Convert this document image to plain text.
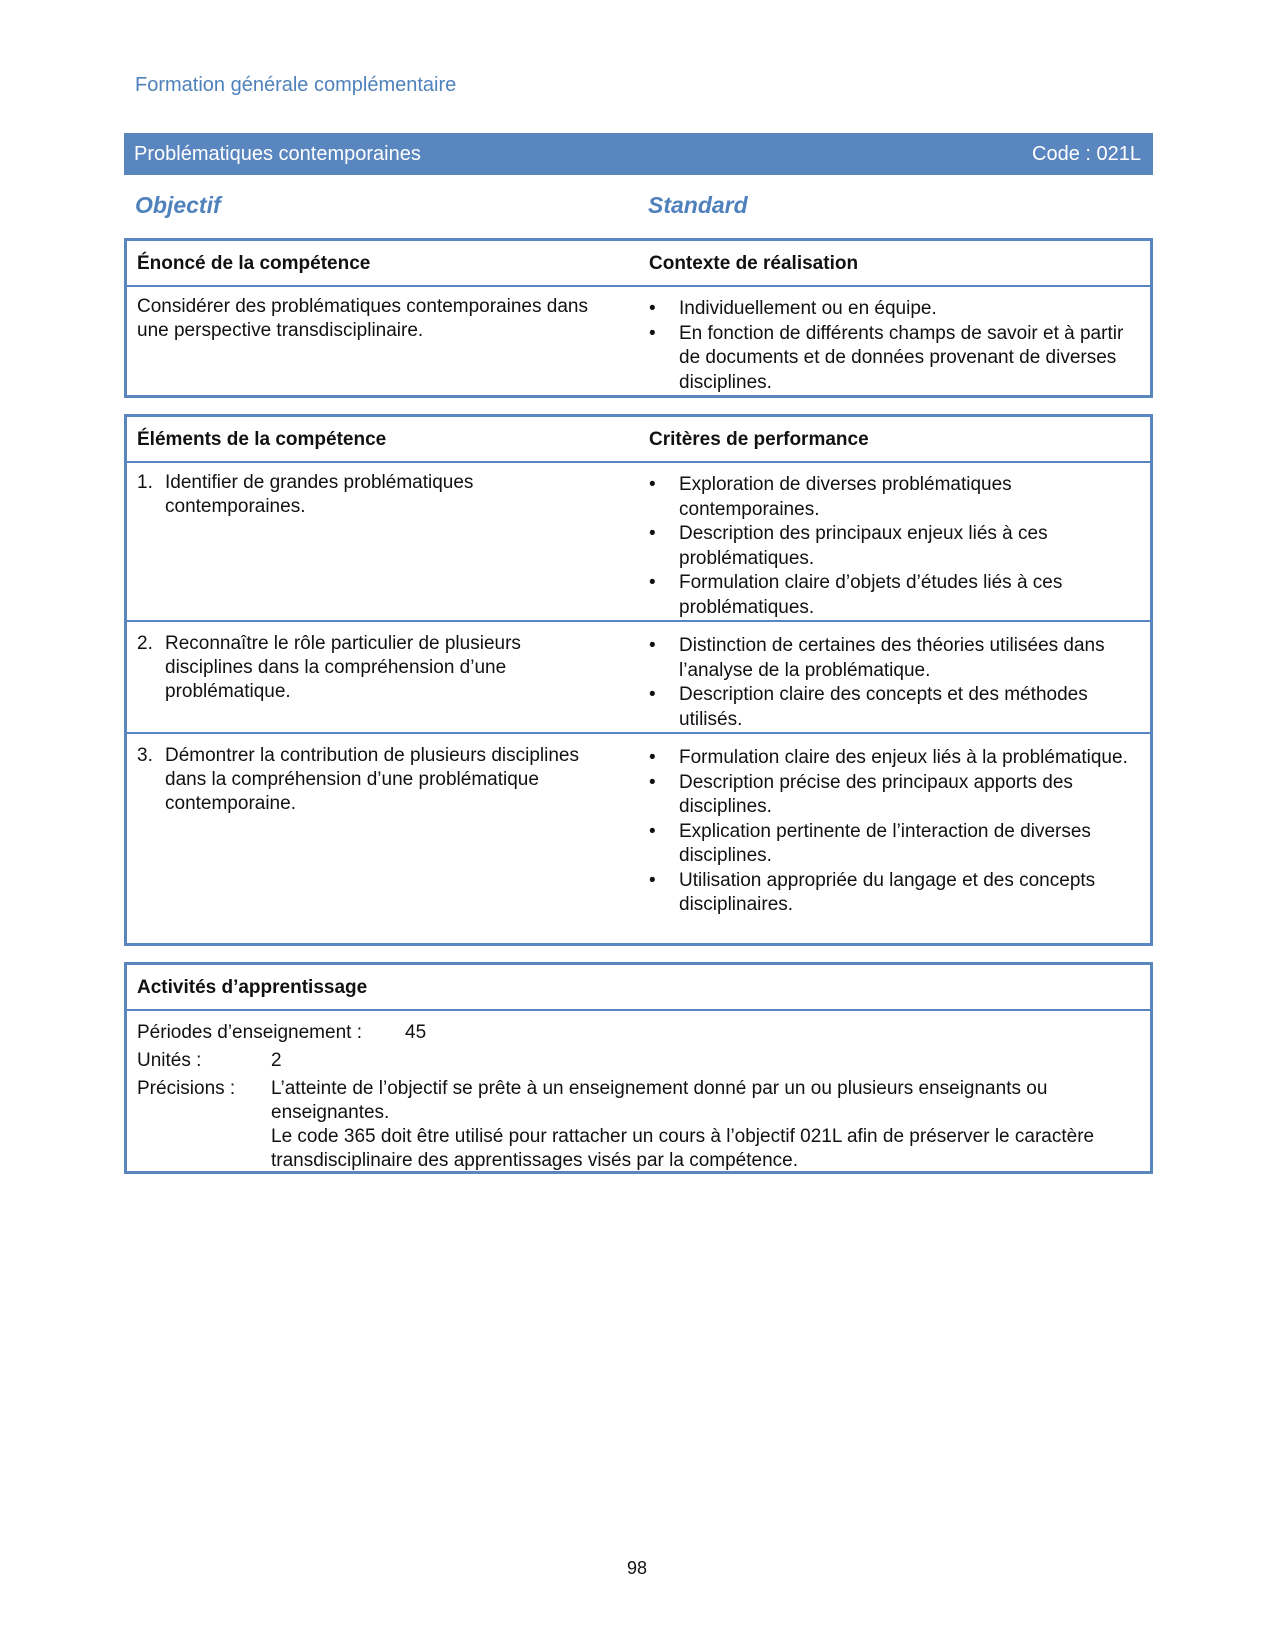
Formation générale complémentaire
Problématiques contemporaines	Code : 021L
Objectif	Standard
Énoncé de la compétence	Contexte de réalisation
Considérer des problématiques contemporaines dans une perspective transdisciplinaire.
•	Individuellement ou en équipe.
•	En fonction de différents champs de savoir et à partir de documents et de données provenant de diverses disciplines.
Éléments de la compétence	Critères de performance
1. Identifier de grandes problématiques contemporaines.
•	Exploration de diverses problématiques contemporaines.
•	Description des principaux enjeux liés à ces problématiques.
•	Formulation claire d’objets d’études liés à ces problématiques.
2. Reconnaître le rôle particulier de plusieurs disciplines dans la compréhension d’une problématique.
•	Distinction de certaines des théories utilisées dans l’analyse de la problématique.
•	Description claire des concepts et des méthodes utilisés.
3. Démontrer la contribution de plusieurs disciplines dans la compréhension d’une problématique contemporaine.
•	Formulation claire des enjeux liés à la problématique.
•	Description précise des principaux apports des disciplines.
•	Explication pertinente de l’interaction de diverses disciplines.
•	Utilisation appropriée du langage et des concepts disciplinaires.
Activités d’apprentissage
Périodes d’enseignement : 45
Unités :	2
Précisions : L’atteinte de l’objectif se prête à un enseignement donné par un ou plusieurs enseignants ou enseignantes.
Le code 365 doit être utilisé pour rattacher un cours à l’objectif 021L afin de préserver le caractère transdisciplinaire des apprentissages visés par la compétence.
98
